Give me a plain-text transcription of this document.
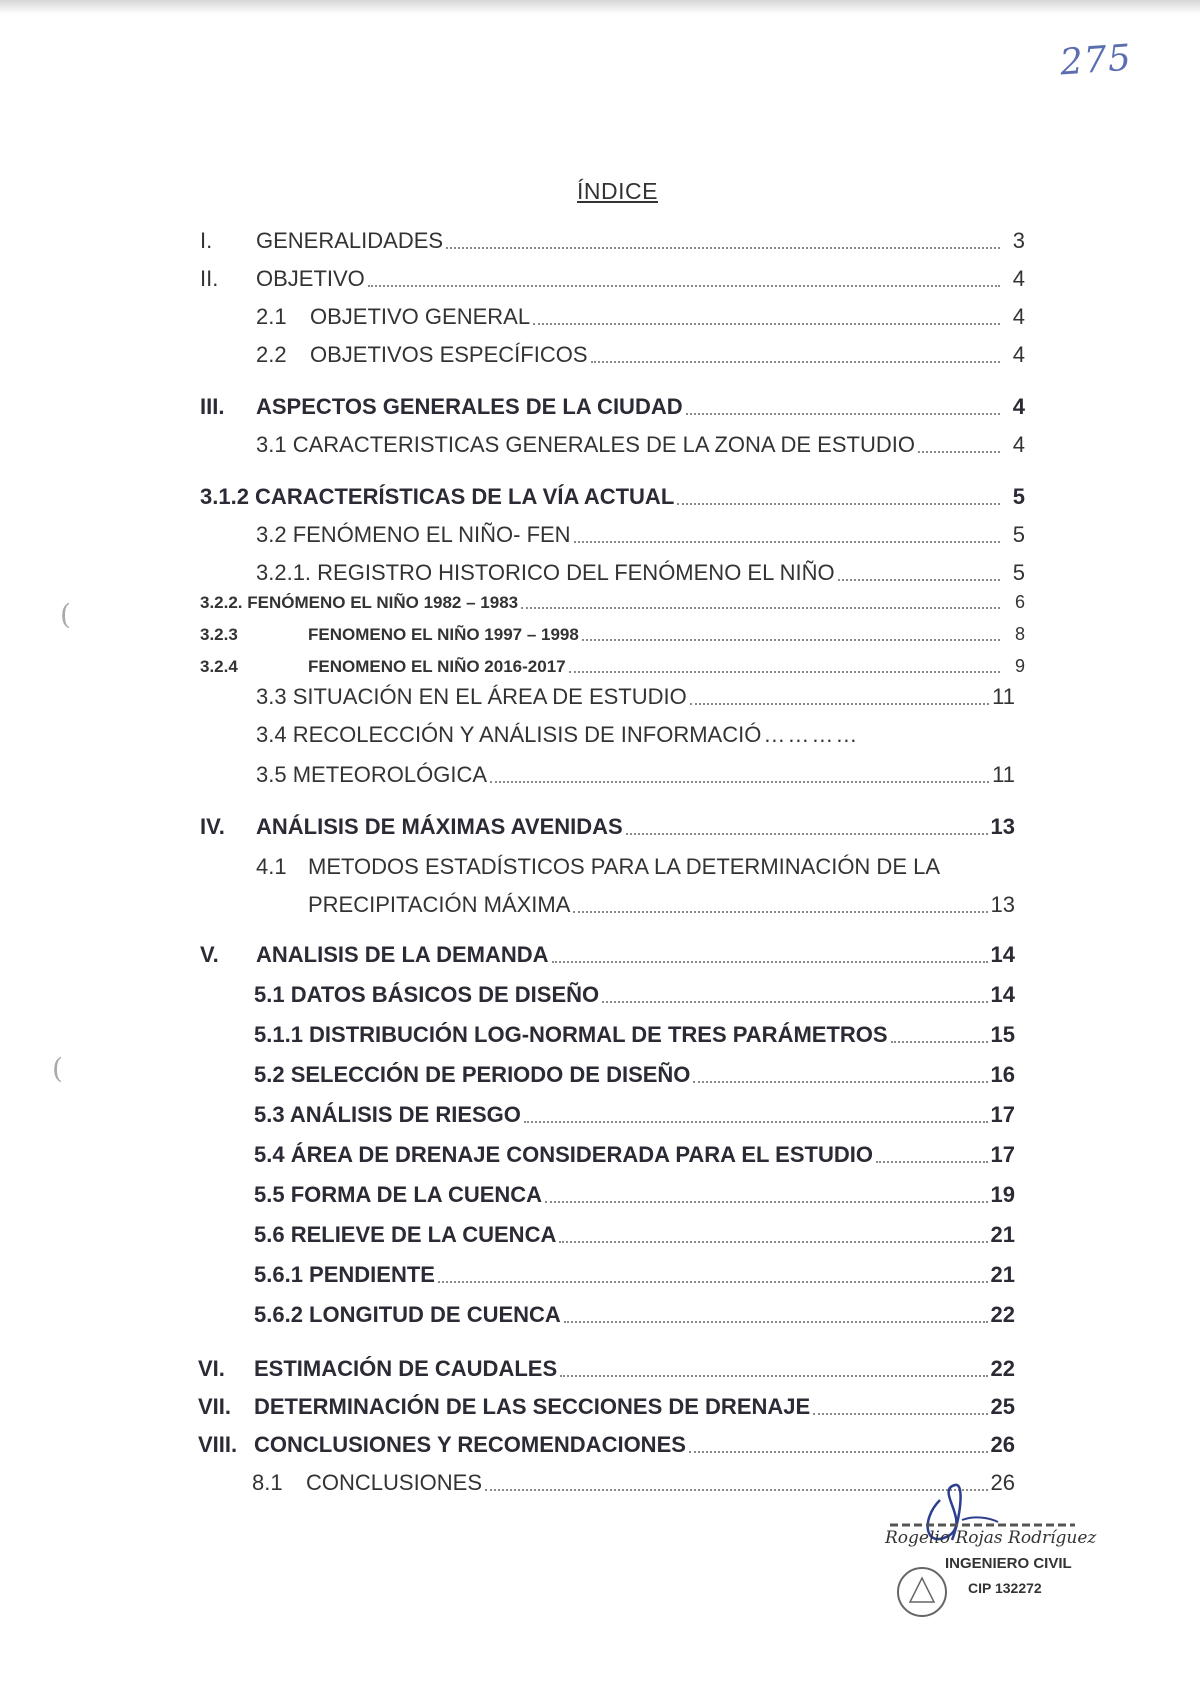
275
ÍNDICE
I.	GENERALIDADES	3
II.	OBJETIVO	4
2.1	OBJETIVO GENERAL	4
2.2	OBJETIVOS ESPECÍFICOS	4
III.	ASPECTOS GENERALES DE LA CIUDAD	4
3.1 CARACTERISTICAS GENERALES DE LA ZONA DE ESTUDIO	4
3.1.2 CARACTERÍSTICAS DE LA VÍA ACTUAL	5
3.2 FENÓMENO EL NIÑO- FEN	5
3.2.1. REGISTRO HISTORICO DEL FENÓMENO EL NIÑO	5
3.2.2. FENÓMENO EL NIÑO 1982 – 1983	6
3.2.3	FENOMENO EL NIÑO 1997 – 1998	8
3.2.4	FENOMENO EL NIÑO 2016-2017	9
3.3 SITUACIÓN EN EL ÁREA DE ESTUDIO	11
3.4 RECOLECCIÓN Y ANÁLISIS DE INFORMACIÓ …………
3.5 METEOROLÓGICA	11
IV.	ANÁLISIS DE MÁXIMAS AVENIDAS	13
4.1 METODOS ESTADÍSTICOS PARA LA DETERMINACIÓN DE LA
PRECIPITACIÓN MÁXIMA	13
V.	ANALISIS DE LA DEMANDA	14
5.1 DATOS BÁSICOS DE DISEÑO	14
5.1.1 DISTRIBUCIÓN LOG-NORMAL DE TRES PARÁMETROS	15
5.2 SELECCIÓN DE PERIODO DE DISEÑO	16
5.3 ANÁLISIS DE RIESGO	17
5.4 ÁREA DE DRENAJE CONSIDERADA PARA EL ESTUDIO	17
5.5 FORMA DE LA CUENCA	19
5.6 RELIEVE DE LA CUENCA	21
5.6.1 PENDIENTE	21
5.6.2 LONGITUD DE CUENCA	22
VI.	ESTIMACIÓN DE CAUDALES	22
VII.	DETERMINACIÓN DE LAS SECCIONES DE DRENAJE	25
VIII. CONCLUSIONES Y RECOMENDACIONES	26
8.1	CONCLUSIONES	26
(
(
Rogelio Rojas Rodríguez
INGENIERO CIVIL
CIP 132272
